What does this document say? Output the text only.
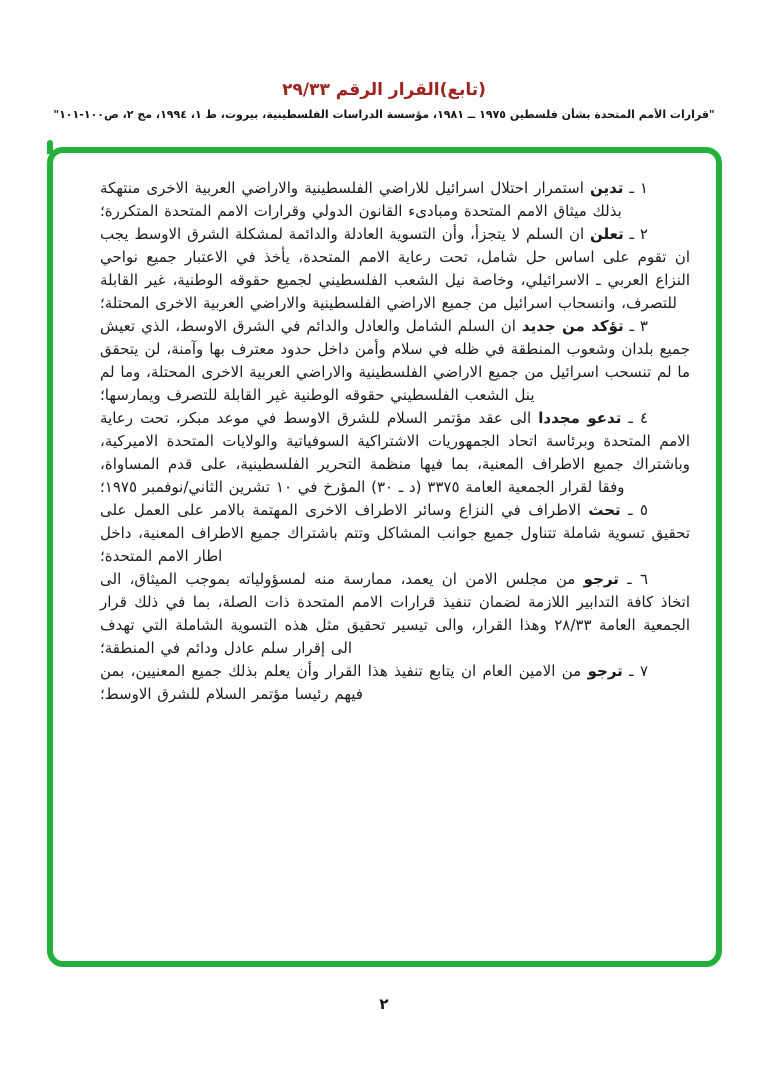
(تابع)القرار الرقم ٢٩/٣٣
"قرارات الأمم المتحدة بشأن فلسطين ١٩٧٥ ــ ١٩٨١، مؤسسة الدراسات الفلسطينية، بيروت، ط ١، ١٩٩٤، مج ٢، ص١٠٠-١٠١"

١ ـ تدين استمرار احتلال اسرائيل للاراضي الفلسطينية والاراضي العربية الاخرى منتهكة بذلك ميثاق الامم المتحدة ومبادىء القانون الدولي وقرارات الامم المتحدة المتكررة؛

٢ ـ تعلن ان السلم لا يتجزأ، وأن التسوية العادلة والدائمة لمشكلة الشرق الاوسط يجب ان تقوم على اساس حل شامل، تحت رعاية الامم المتحدة، يأخذ في الاعتبار جميع نواحي النزاع العربي ـ الاسرائيلي، وخاصة نيل الشعب الفلسطيني لجميع حقوقه الوطنية، غير القابلة للتصرف، وانسحاب اسرائيل من جميع الاراضي الفلسطينية والاراضي العربية الاخرى المحتلة؛

٣ ـ تؤكد من جديد ان السلم الشامل والعادل والدائم في الشرق الاوسط، الذي تعيش جميع بلدان وشعوب المنطقة في ظله في سلام وأمن داخل حدود معترف بها وآمنة، لن يتحقق ما لم تنسحب اسرائيل من جميع الاراضي الفلسطينية والاراضي العربية الاخرى المحتلة، وما لم ينل الشعب الفلسطيني حقوقه الوطنية غير القابلة للتصرف ويمارسها؛

٤ ـ تدعو مجددا الى عقد مؤتمر السلام للشرق الاوسط في موعد مبكر، تحت رعاية الامم المتحدة وبرئاسة اتحاد الجمهوريات الاشتراكية السوفياتية والولايات المتحدة الاميركية، وباشتراك جميع الاطراف المعنية، بما فيها منظمة التحرير الفلسطينية، على قدم المساواة، وفقا لقرار الجمعية العامة ٣٣٧٥ (د ـ ٣٠) المؤرخ في ١٠ تشرين الثاني/نوفمبر ١٩٧٥؛

٥ ـ تحث الاطراف في النزاع وسائر الاطراف الاخرى المهتمة بالامر على العمل على تحقيق تسوية شاملة تتناول جميع جوانب المشاكل وتتم باشتراك جميع الاطراف المعنية، داخل اطار الامم المتحدة؛

٦ ـ ترجو من مجلس الامن ان يعمد، ممارسة منه لمسؤولياته بموجب الميثاق، الى اتخاذ كافة التدابير اللازمة لضمان تنفيذ قرارات الامم المتحدة ذات الصلة، بما في ذلك قرار الجمعية العامة ٢٨/٣٣ وهذا القرار، والى تيسير تحقيق مثل هذه التسوية الشاملة التي تهدف الى إقرار سلم عادل ودائم في المنطقة؛

٧ ـ ترجو من الامين العام ان يتابع تنفيذ هذا القرار وأن يعلم بذلك جميع المعنيين، بمن فيهم رئيسا مؤتمر السلام للشرق الاوسط؛

٢
